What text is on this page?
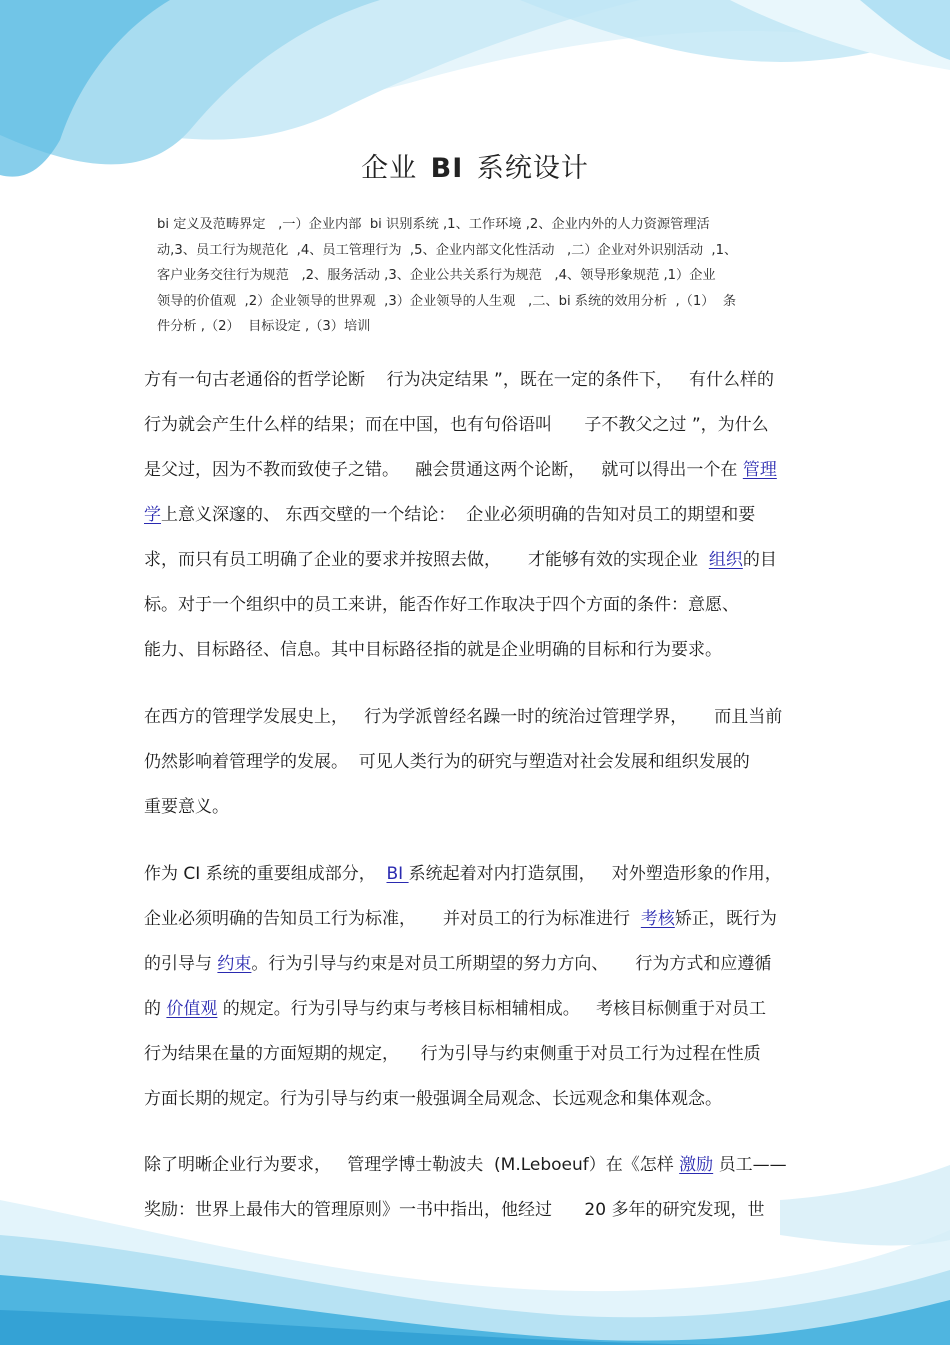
企业 BI 系统设计
bi 定义及范畴界定   ,一）企业内部  bi 识别系统 ,1、工作环境 ,2、企业内外的人力资源管理活
动,3、员工行为规范化  ,4、员工管理行为  ,5、企业内部文化性活动   ,二）企业对外识别活动  ,1、
客户业务交往行为规范   ,2、服务活动 ,3、企业公共关系行为规范   ,4、领导形象规范 ,1）企业
领导的价值观  ,2）企业领导的世界观  ,3）企业领导的人生观   ,二、bi 系统的效用分析  ,（1）  条
件分析 ,（2）  目标设定 ,（3）培训
方有一句古老通俗的哲学论断    行为决定结果 ”，既在一定的条件下，   有什么样的
行为就会产生什么样的结果；而在中国，也有句俗语叫      子不教父之过 ”，为什么
是父过，因为不教而致使子之错。   融会贯通这两个论断，   就可以得出一个在 管理
学上意义深邃的、 东西交壁的一个结论：  企业必须明确的告知对员工的期望和要
求，而只有员工明确了企业的要求并按照去做，     才能够有效的实现企业  组织的目
标。对于一个组织中的员工来讲，能否作好工作取决于四个方面的条件：意愿、
能力、目标路径、信息。其中目标路径指的就是企业明确的目标和行为要求。
在西方的管理学发展史上，   行为学派曾经名躁一时的统治过管理学界，     而且当前
仍然影响着管理学的发展。  可见人类行为的研究与塑造对社会发展和组织发展的
重要意义。
作为 CI 系统的重要组成部分，  BI 系统起着对内打造氛围，   对外塑造形象的作用，
企业必须明确的告知员工行为标准，     并对员工的行为标准进行  考核矫正，既行为
的引导与 约束。行为引导与约束是对员工所期望的努力方向、     行为方式和应遵循
的 价值观 的规定。行为引导与约束与考核目标相辅相成。   考核目标侧重于对员工
行为结果在量的方面短期的规定，    行为引导与约束侧重于对员工行为过程在性质
方面长期的规定。行为引导与约束一般强调全局观念、长远观念和集体观念。
除了明晰企业行为要求，   管理学博士勒波夫  (M.Leboeuf）在《怎样 激励 员工——
奖励：世界上最伟大的管理原则》一书中指出，他经过      20 多年的研究发现，世
